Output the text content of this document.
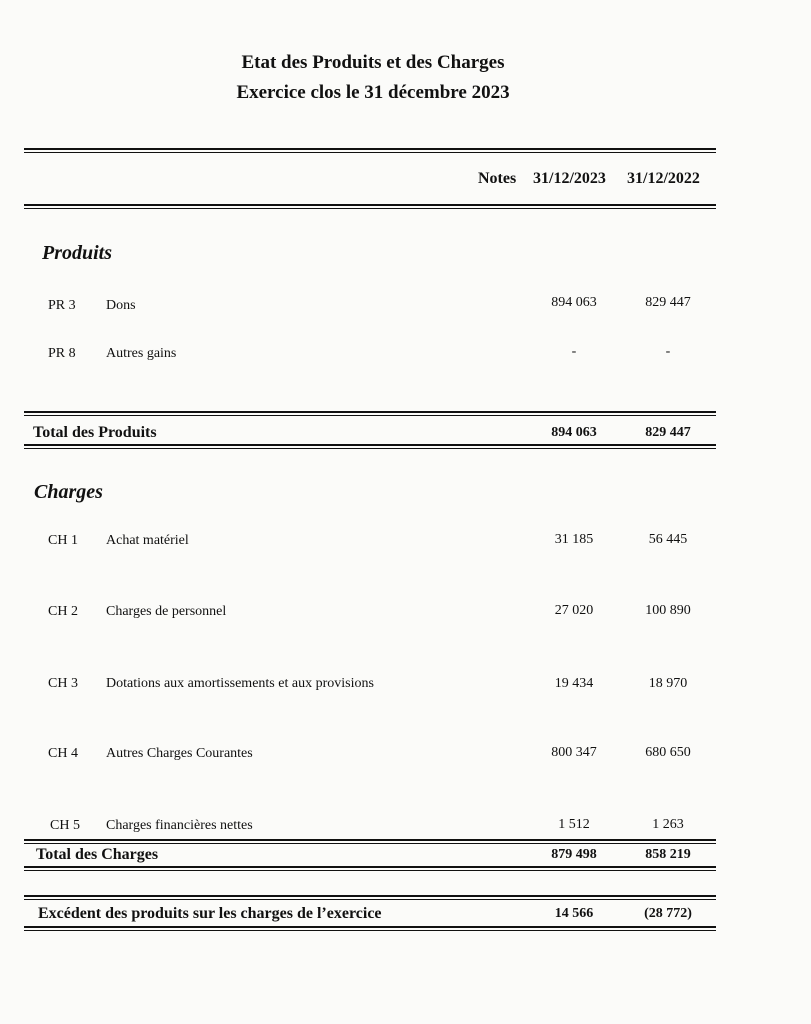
Etat des Produits et des Charges
Exercice clos le 31 décembre 2023
Notes 31/12/2023 31/12/2022
Produits
PR 3 Dons	894 063	829 447
PR 8 Autres gains	-	-
Total des Produits	894 063	829 447
Charges
CH 1 Achat matériel	31 185	56 445
CH 2 Charges de personnel	27 020	100 890
CH 3 Dotations aux amortissements et aux provisions	19 434	18 970
CH 4 Autres Charges Courantes	800 347	680 650
CH 5 Charges financières nettes	1 512	1 263
Total des Charges	879 498	858 219
Excédent des produits sur les charges de l’exercice	14 566	(28 772)
